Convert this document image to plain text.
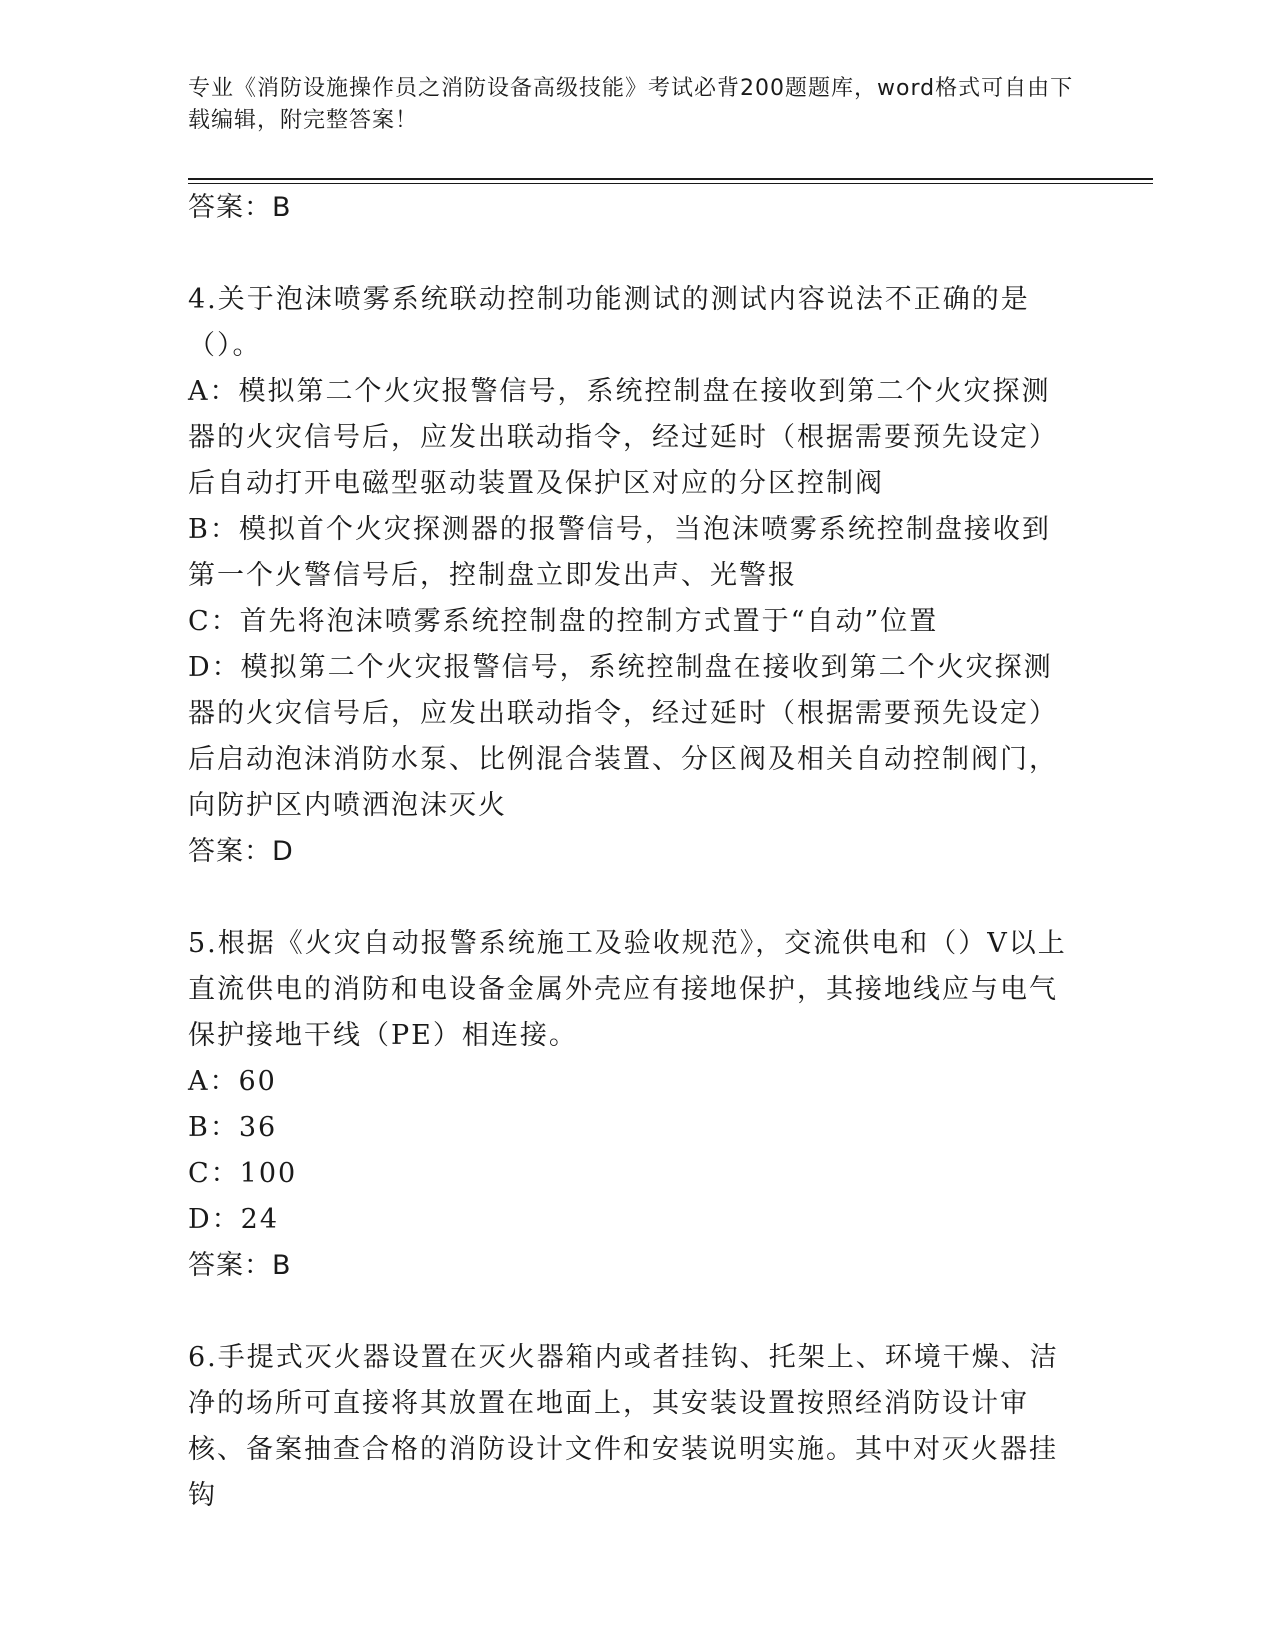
专业《消防设施操作员之消防设备高级技能》考试必背200题题库，word格式可自由下载编辑，附完整答案！
答案：B

4.关于泡沫喷雾系统联动控制功能测试的测试内容说法不正确的是（）。

A：模拟第二个火灾报警信号，系统控制盘在接收到第二个火灾探测器的火灾信号后，应发出联动指令，经过延时（根据需要预先设定）后自动打开电磁型驱动装置及保护区对应的分区控制阀

B：模拟首个火灾探测器的报警信号，当泡沫喷雾系统控制盘接收到第一个火警信号后，控制盘立即发出声、光警报

C：首先将泡沫喷雾系统控制盘的控制方式置于“自动”位置

D：模拟第二个火灾报警信号，系统控制盘在接收到第二个火灾探测器的火灾信号后，应发出联动指令，经过延时（根据需要预先设定）后启动泡沫消防水泵、比例混合装置、分区阀及相关自动控制阀门，向防护区内喷洒泡沫灭火

答案：D

5.根据《火灾自动报警系统施工及验收规范》，交流供电和（）V以上直流供电的消防和电设备金属外壳应有接地保护，其接地线应与电气保护接地干线（PE）相连接。

A：60

B：36

C：100

D：24

答案：B

6.手提式灭火器设置在灭火器箱内或者挂钩、托架上、环境干燥、洁净的场所可直接将其放置在地面上，其安装设置按照经消防设计审核、备案抽查合格的消防设计文件和安装说明实施。其中对灭火器挂钩
